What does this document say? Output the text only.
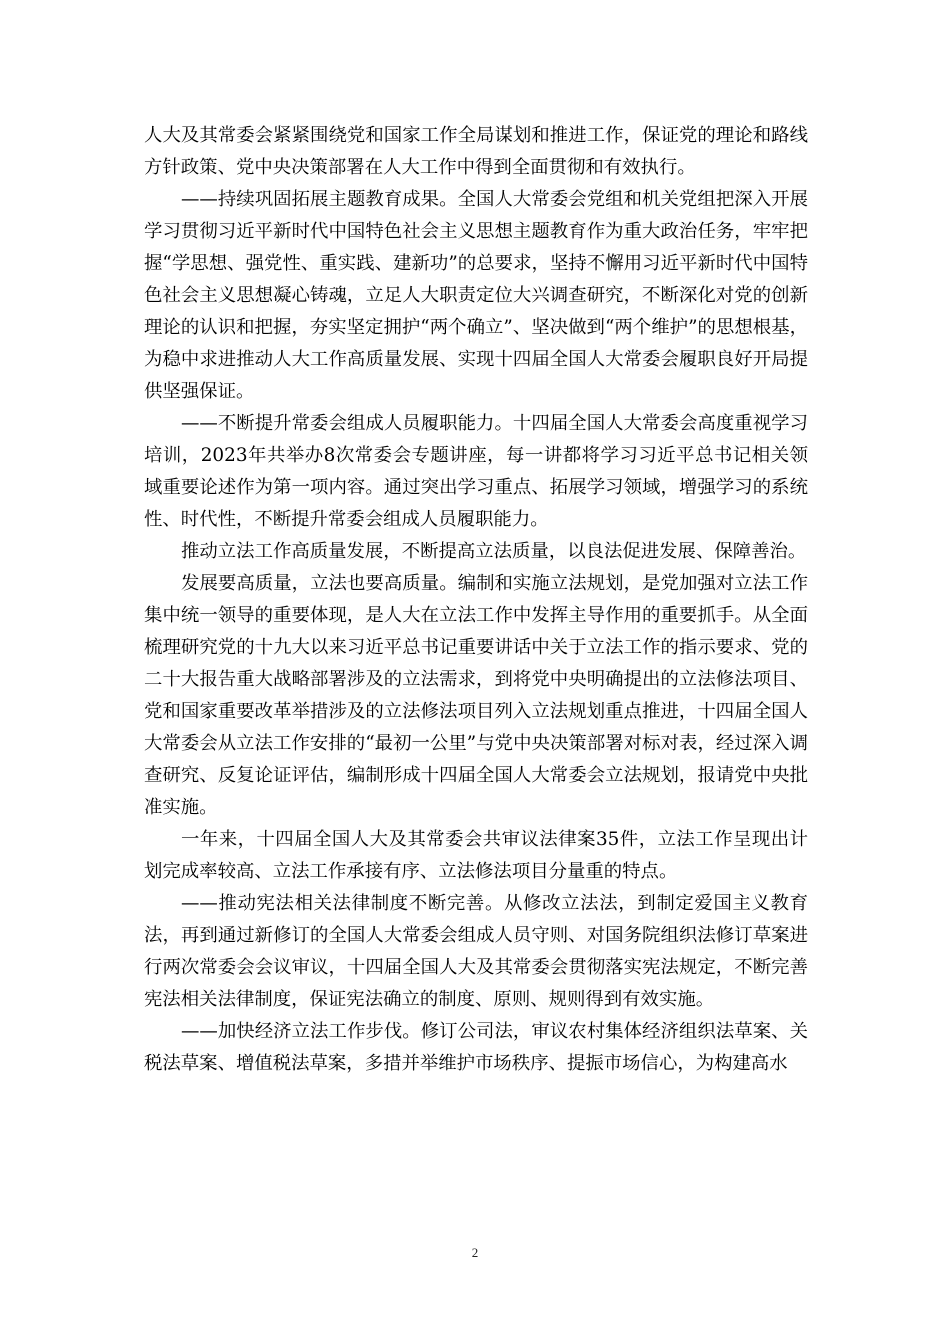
人大及其常委会紧紧围绕党和国家工作全局谋划和推进工作，保证党的理论和路线方针政策、党中央决策部署在人大工作中得到全面贯彻和有效执行。

——持续巩固拓展主题教育成果。全国人大常委会党组和机关党组把深入开展学习贯彻习近平新时代中国特色社会主义思想主题教育作为重大政治任务，牢牢把握“学思想、强党性、重实践、建新功”的总要求，坚持不懈用习近平新时代中国特色社会主义思想凝心铸魂，立足人大职责定位大兴调查研究，不断深化对党的创新理论的认识和把握，夯实坚定拥护“两个确立”、坚决做到“两个维护”的思想根基，为稳中求进推动人大工作高质量发展、实现十四届全国人大常委会履职良好开局提供坚强保证。

——不断提升常委会组成人员履职能力。十四届全国人大常委会高度重视学习培训，2023年共举办8次常委会专题讲座，每一讲都将学习习近平总书记相关领域重要论述作为第一项内容。通过突出学习重点、拓展学习领域，增强学习的系统性、时代性，不断提升常委会组成人员履职能力。

推动立法工作高质量发展，不断提高立法质量，以良法促进发展、保障善治。

发展要高质量，立法也要高质量。编制和实施立法规划，是党加强对立法工作集中统一领导的重要体现，是人大在立法工作中发挥主导作用的重要抓手。从全面梳理研究党的十九大以来习近平总书记重要讲话中关于立法工作的指示要求、党的二十大报告重大战略部署涉及的立法需求，到将党中央明确提出的立法修法项目、党和国家重要改革举措涉及的立法修法项目列入立法规划重点推进，十四届全国人大常委会从立法工作安排的“最初一公里”与党中央决策部署对标对表，经过深入调查研究、反复论证评估，编制形成十四届全国人大常委会立法规划，报请党中央批准实施。

一年来，十四届全国人大及其常委会共审议法律案35件，立法工作呈现出计划完成率较高、立法工作承接有序、立法修法项目分量重的特点。

——推动宪法相关法律制度不断完善。从修改立法法，到制定爱国主义教育法，再到通过新修订的全国人大常委会组成人员守则、对国务院组织法修订草案进行两次常委会会议审议，十四届全国人大及其常委会贯彻落实宪法规定，不断完善宪法相关法律制度，保证宪法确立的制度、原则、规则得到有效实施。

——加快经济立法工作步伐。修订公司法，审议农村集体经济组织法草案、关税法草案、增值税法草案，多措并举维护市场秩序、提振市场信心，为构建高水

2
